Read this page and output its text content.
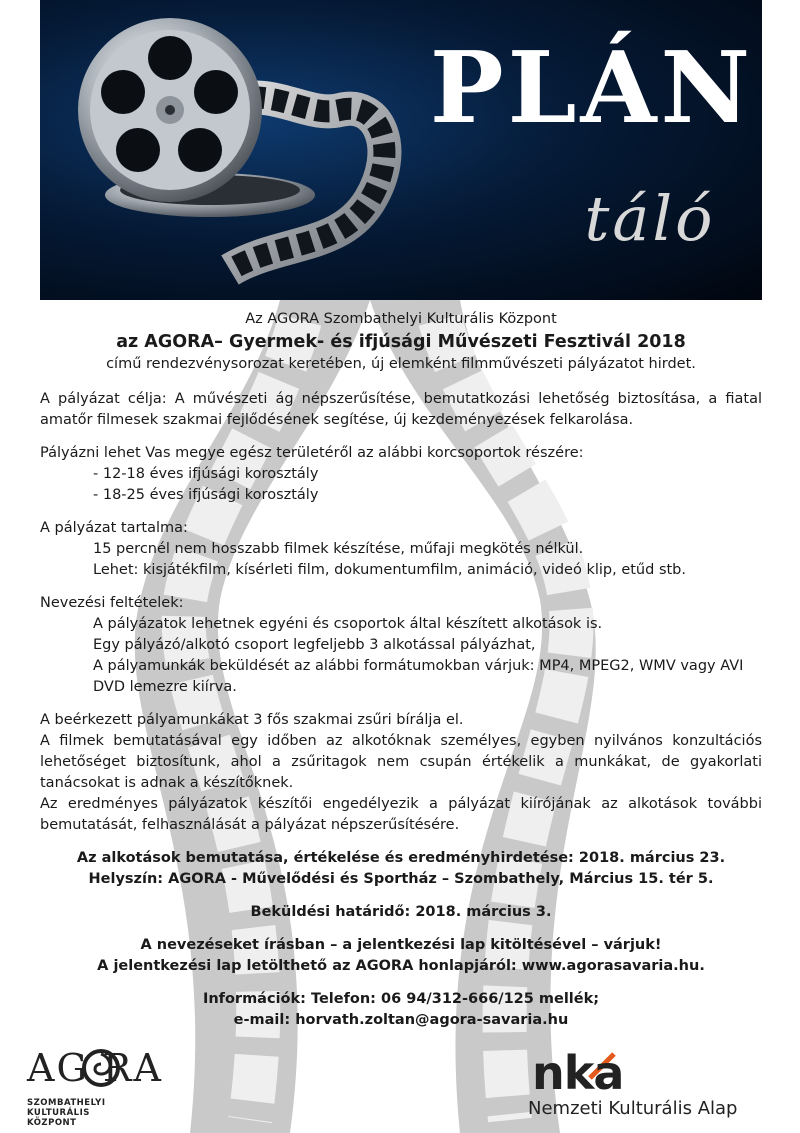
PLÁN
táló
Az AGORA Szombathelyi Kulturális Központ
az AGORA– Gyermek- és ifjúsági Művészeti Fesztivál 2018
című rendezvénysorozat keretében, új elemként filmművészeti pályázatot hirdet.
A pályázat célja: A művészeti ág népszerűsítése, bemutatkozási lehetőség biztosítása, a fiatal amatőr filmesek szakmai fejlődésének segítése, új kezdeményezések felkarolása.
Pályázni lehet Vas megye egész területéről az alábbi korcsoportok részére:
- 12-18 éves ifjúsági korosztály
- 18-25 éves ifjúsági korosztály
A pályázat tartalma:
15 percnél nem hosszabb filmek készítése, műfaji megkötés nélkül.
Lehet: kisjátékfilm, kísérleti film, dokumentumfilm, animáció, videó klip, etűd stb.
Nevezési feltételek:
A pályázatok lehetnek egyéni és csoportok által készített alkotások is.
Egy pályázó/alkotó csoport legfeljebb 3 alkotással pályázhat,
A pályamunkák beküldését az alábbi formátumokban várjuk: MP4, MPEG2, WMV vagy AVI DVD lemezre kiírva.
A beérkezett pályamunkákat 3 fős szakmai zsűri bírálja el.
A filmek bemutatásával egy időben az alkotóknak személyes, egyben nyilvános konzultációs lehetőséget biztosítunk, ahol a zsűritagok nem csupán értékelik a munkákat, de gyakorlati tanácsokat is adnak a készítőknek.
Az eredményes pályázatok készítői engedélyezik a pályázat kiírójának az alkotások további bemutatását, felhasználását a pályázat népszerűsítésére.
Az alkotások bemutatása, értékelése és eredményhirdetése: 2018. március 23.
Helyszín: AGORA - Művelődési és Sportház – Szombathely, Március 15. tér 5.
Beküldési határidő: 2018. március 3.
A nevezéseket írásban – a jelentkezési lap kitöltésével – várjuk!
A jelentkezési lap letölthető az AGORA honlapjáról: www.agorasavaria.hu.
Információk: Telefon: 06 94/312-666/125 mellék;
e-mail: horvath.zoltan@agora-savaria.hu
AG RA
SZOMBATHELYI
KULTURÁLIS
KÖZPONT
nka
Nemzeti Kulturális Alap
